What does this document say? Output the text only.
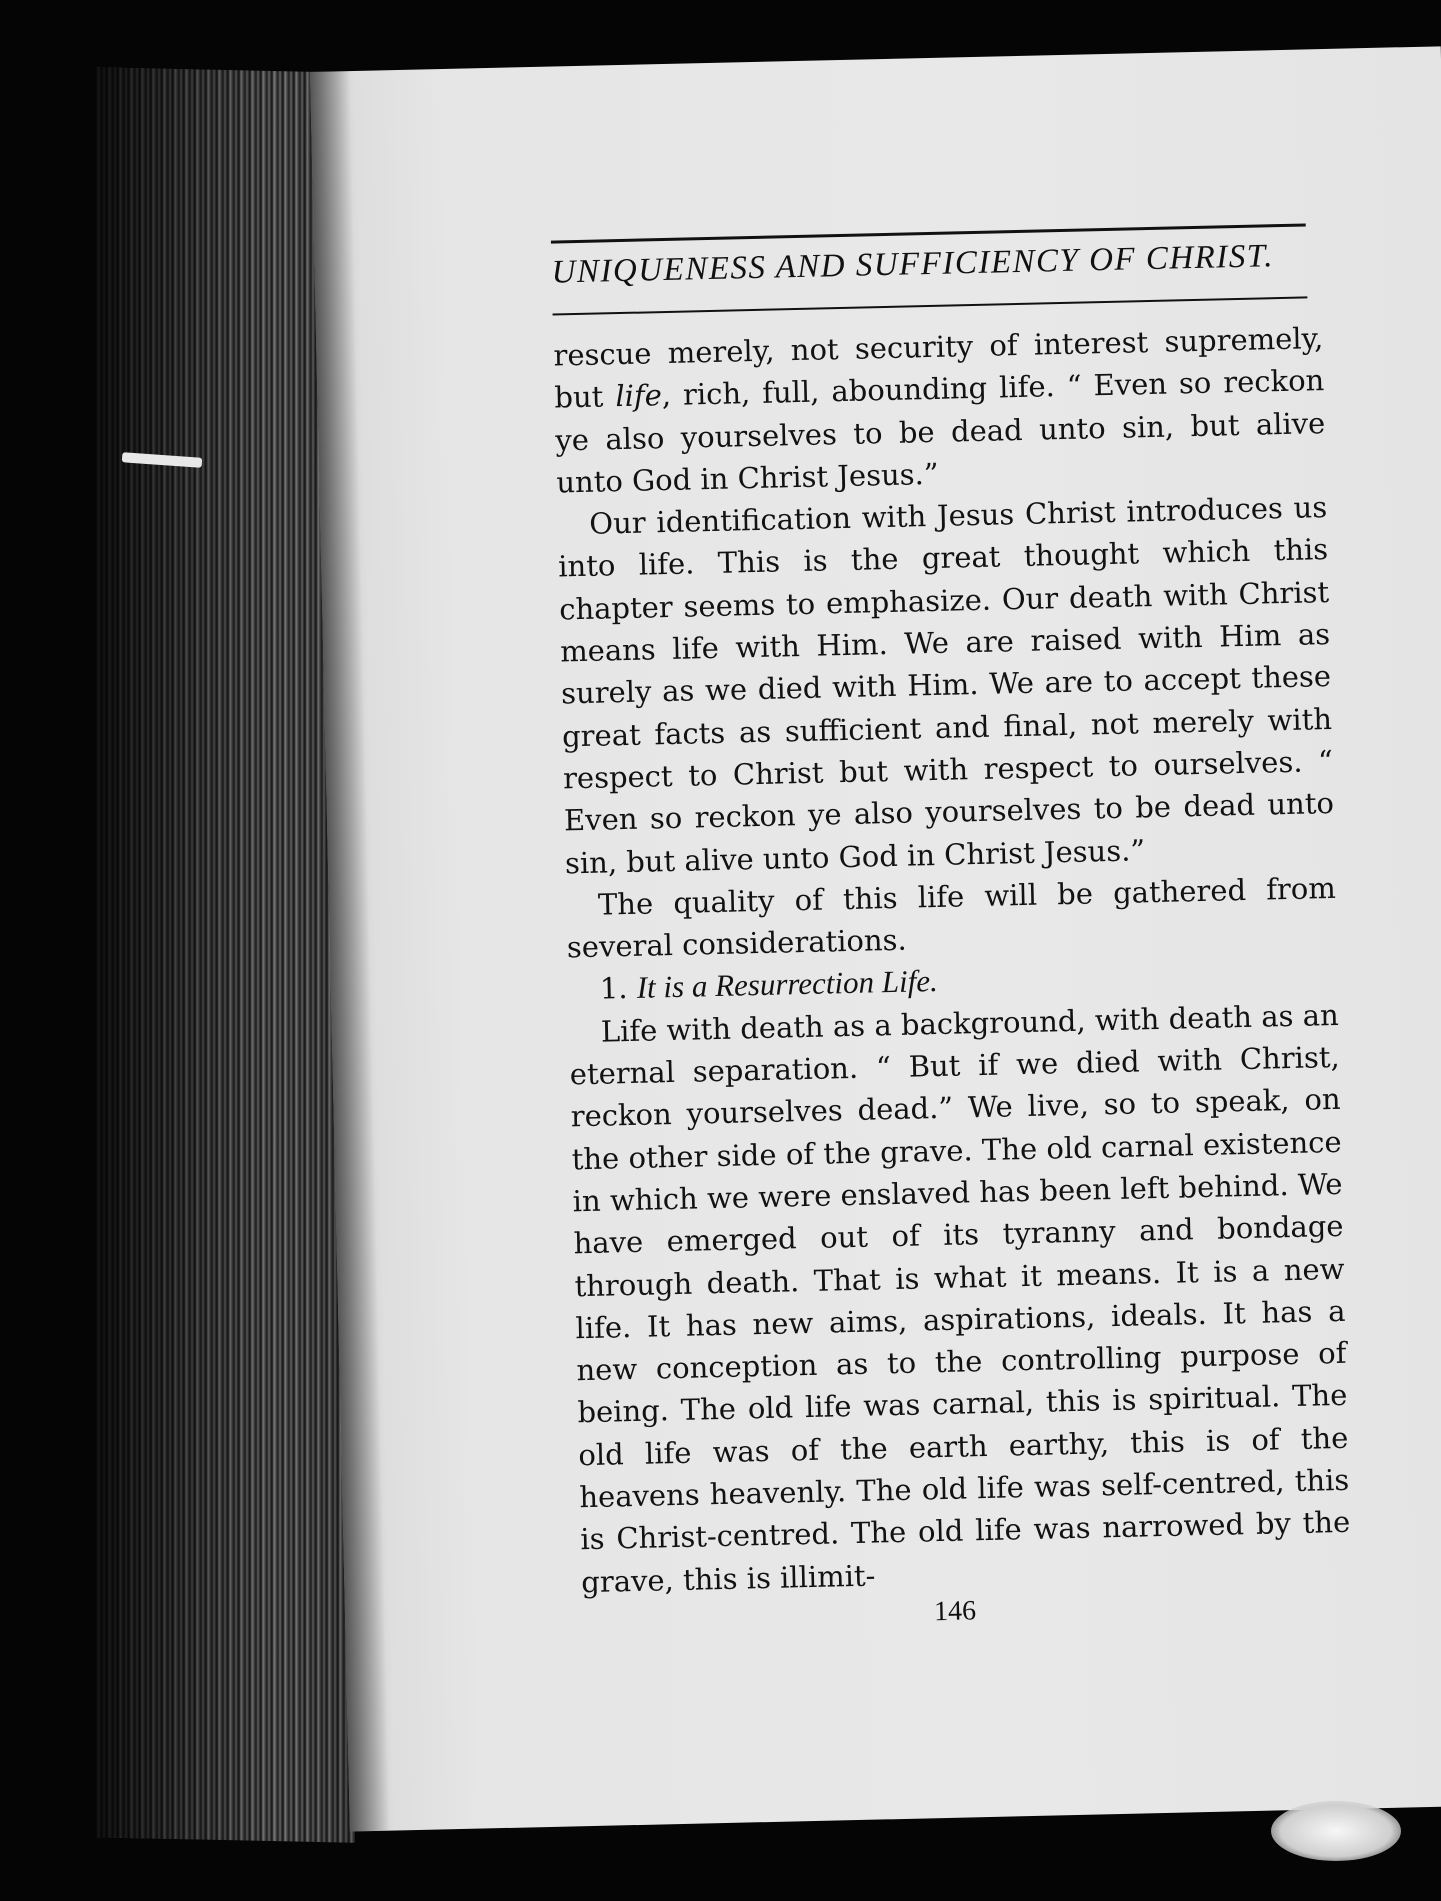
UNIQUENESS AND SUFFICIENCY OF CHRIST.

rescue merely, not security of interest supremely, but life, rich, full, abounding life. “ Even so reckon ye also yourselves to be dead unto sin, but alive unto God in Christ Jesus.”

Our identification with Jesus Christ introduces us into life. This is the great thought which this chapter seems to emphasize. Our death with Christ means life with Him. We are raised with Him as surely as we died with Him. We are to accept these great facts as sufficient and final, not merely with respect to Christ but with respect to ourselves. “ Even so reckon ye also yourselves to be dead unto sin, but alive unto God in Christ Jesus.”

The quality of this life will be gathered from several considerations.

1. It is a Resurrection Life.

Life with death as a background, with death as an eternal separation. “ But if we died with Christ, reckon yourselves dead.” We live, so to speak, on the other side of the grave. The old carnal existence in which we were enslaved has been left behind. We have emerged out of its tyranny and bondage through death. That is what it means. It is a new life. It has new aims, aspirations, ideals. It has a new conception as to the controlling purpose of being. The old life was carnal, this is spiritual. The old life was of the earth earthy, this is of the heavens heavenly. The old life was self-centred, this is Christ-centred. The old life was narrowed by the grave, this is illimit-

146
